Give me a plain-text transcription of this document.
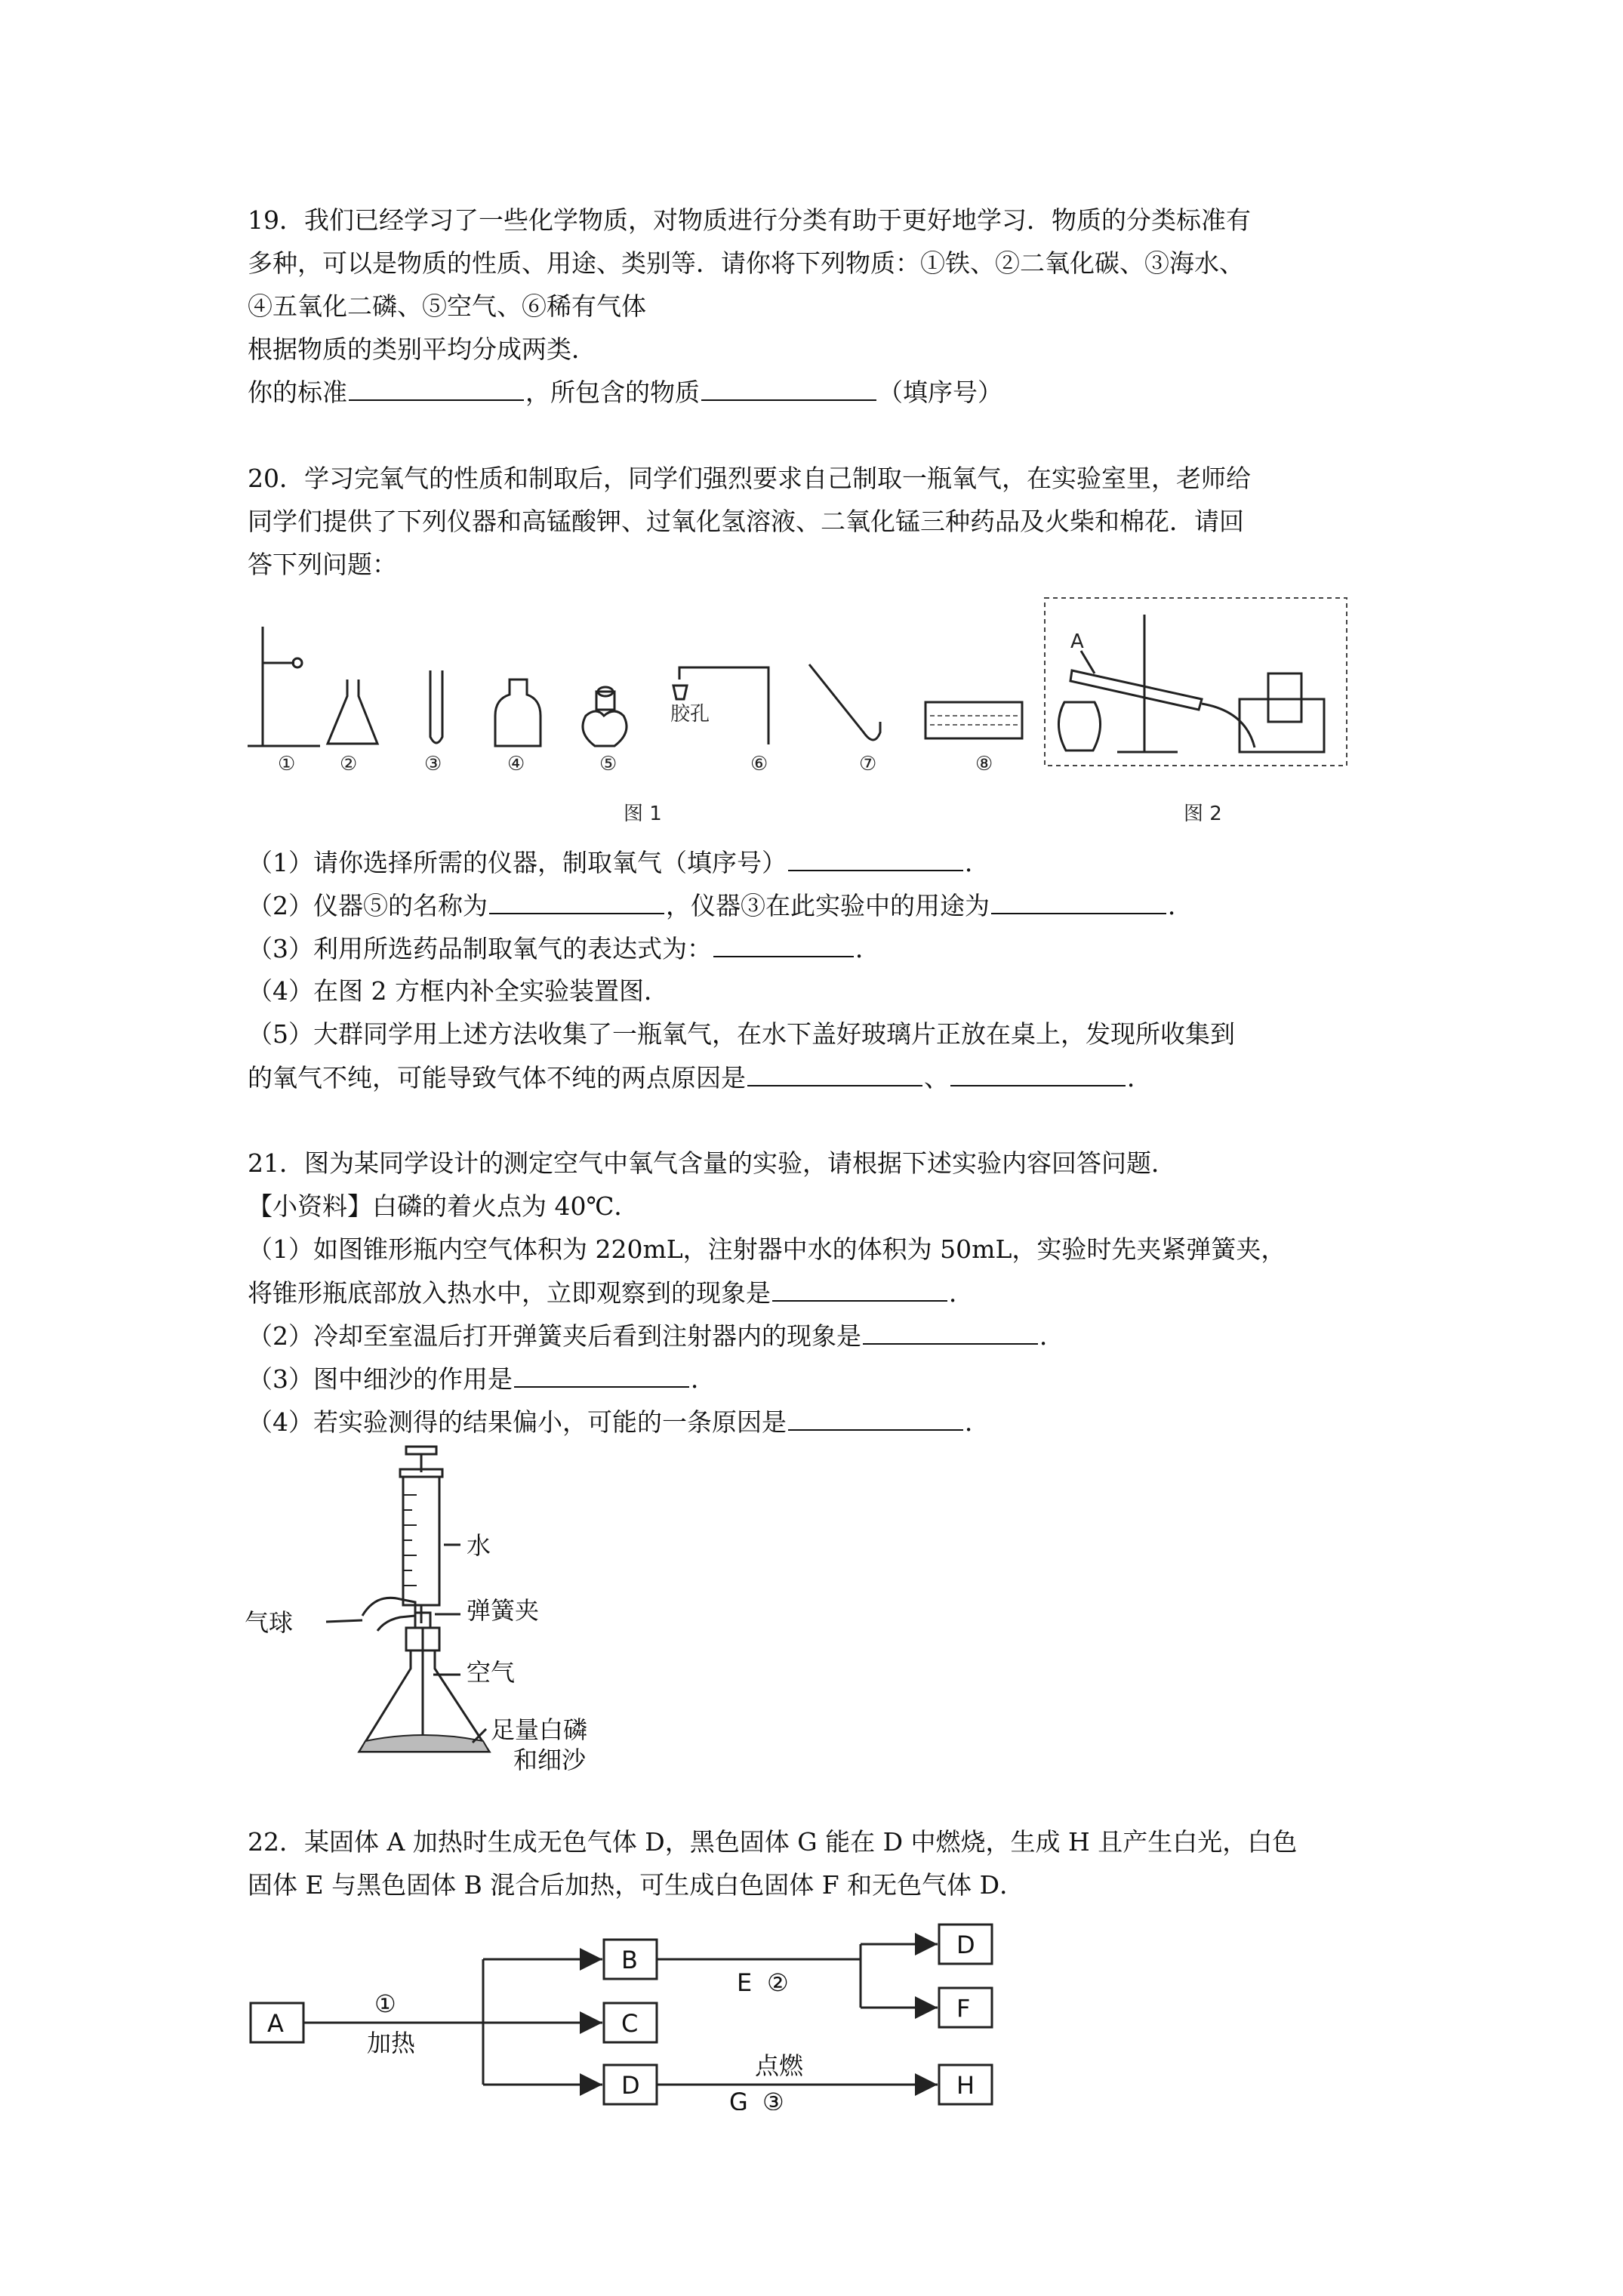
19．我们已经学习了一些化学物质，对物质进行分类有助于更好地学习．物质的分类标准有
多种，可以是物质的性质、用途、类别等．请你将下列物质：①铁、②二氧化碳、③海水、
④五氧化二磷、⑤空气、⑥稀有气体
根据物质的类别平均分成两类．
你的标准	，所包含的物质	（填序号）
20．学习完氧气的性质和制取后，同学们强烈要求自己制取一瓶氧气，在实验室里，老师给
同学们提供了下列仪器和高锰酸钾、过氧化氢溶液、二氧化锰三种药品及火柴和棉花．请回
答下列问题：
胶孔
① ②	③	④	⑤	⑥	⑦	⑧
图 1
A
图 2
（1）请你选择所需的仪器，制取氧气（填序号）	．
（2）仪器⑤的名称为	，仪器③在此实验中的用途为	．
（3）利用所选药品制取氧气的表达式为：	．
（4）在图 2 方框内补全实验装置图．
（5）大群同学用上述方法收集了一瓶氧气，在水下盖好玻璃片正放在桌上，发现所收集到
的氧气不纯，可能导致气体不纯的两点原因是	、	．
21．图为某同学设计的测定空气中氧气含量的实验，请根据下述实验内容回答问题．
【小资料】白磷的着火点为 40℃．
（1）如图锥形瓶内空气体积为 220mL，注射器中水的体积为 50mL，实验时先夹紧弹簧夹，
将锥形瓶底部放入热水中，立即观察到的现象是	．
（2）冷却至室温后打开弹簧夹后看到注射器内的现象是	．
（3）图中细沙的作用是	．
（4）若实验测得的结果偏小，可能的一条原因是	．
气球
水
弹簧夹
空气
足量白磷
和细沙
22．某固体 A 加热时生成无色气体 D，黑色固体 G 能在 D 中燃烧，生成 H 且产生白光，白色
固体 E 与黑色固体 B 混合后加热，可生成白色固体 F 和无色气体 D．
A
B
C
D
D
F
H
①
加热
E ②
点燃
G ③
